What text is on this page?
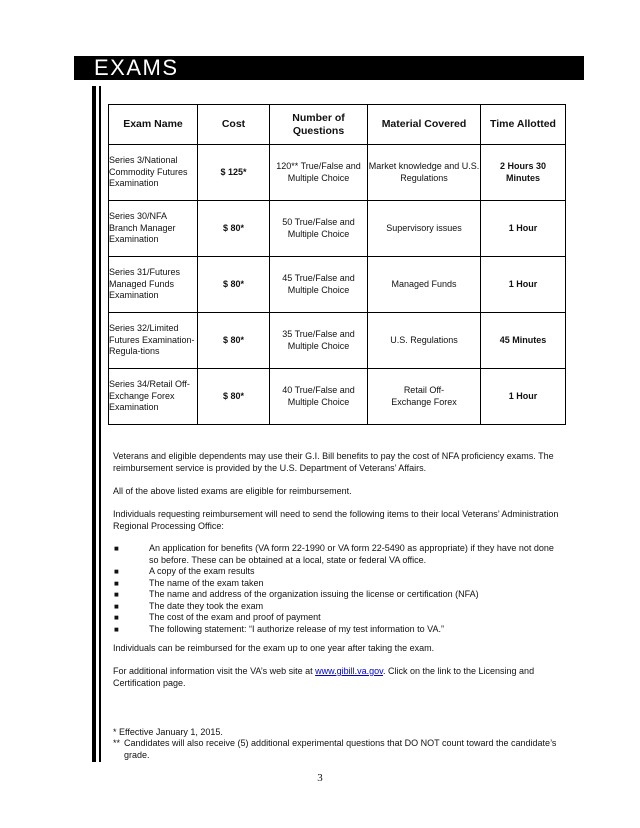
EXAMS
Exam Name	Cost	Number of Questions	Material Covered	Time Allotted
Series 3/National Commodity Futures Examination	$ 125*	120** True/False and Multiple Choice	Market knowledge and U.S. Regulations	2 Hours 30 Minutes

Series 30/NFA Branch Manager Examination	$ 80*	50 True/False and Multiple Choice	Supervisory issues	1 Hour
Series 31/Futures Managed Funds Examination	$ 80*	45 True/False and Multiple Choice	Managed Funds	1 Hour
Series 32/Limited Futures Examination- Regula-tions	$ 80*	35 True/False and Multiple Choice	U.S. Regulations	45 Minutes
Series 34/Retail Off-Exchange Forex Examination	$ 80*	40 True/False and Multiple Choice	Retail Off-Exchange Forex	1 Hour
Veterans and eligible dependents may use their G.I. Bill benefits to pay the cost of NFA proficiency exams. The reimbursement service is provided by the U.S. Department of Veterans’ Affairs.
All of the above listed exams are eligible for reimbursement.
Individuals requesting reimbursement will need to send the following items to their local Veterans’ Administration Regional Processing Office:
■	An application for benefits (VA form 22-1990 or VA form 22-5490 as appropriate) if they have not done so before. These can be obtained at a local, state or federal VA office.
■	A copy of the exam results
■	The name of the exam taken
■	The name and address of the organization issuing the license or certification (NFA)
■	The date they took the exam
■	The cost of the exam and proof of payment
■	The following statement: “I authorize release of my test information to VA.”
Individuals can be reimbursed for the exam up to one year after taking the exam.
For additional information visit the VA’s web site at www.gibill.va.gov. Click on the link to the Licensing and Certification page.
* Effective January 1, 2015.
** Candidates will also receive (5) additional experimental questions that DO NOT count toward the candidate’s grade.
3
